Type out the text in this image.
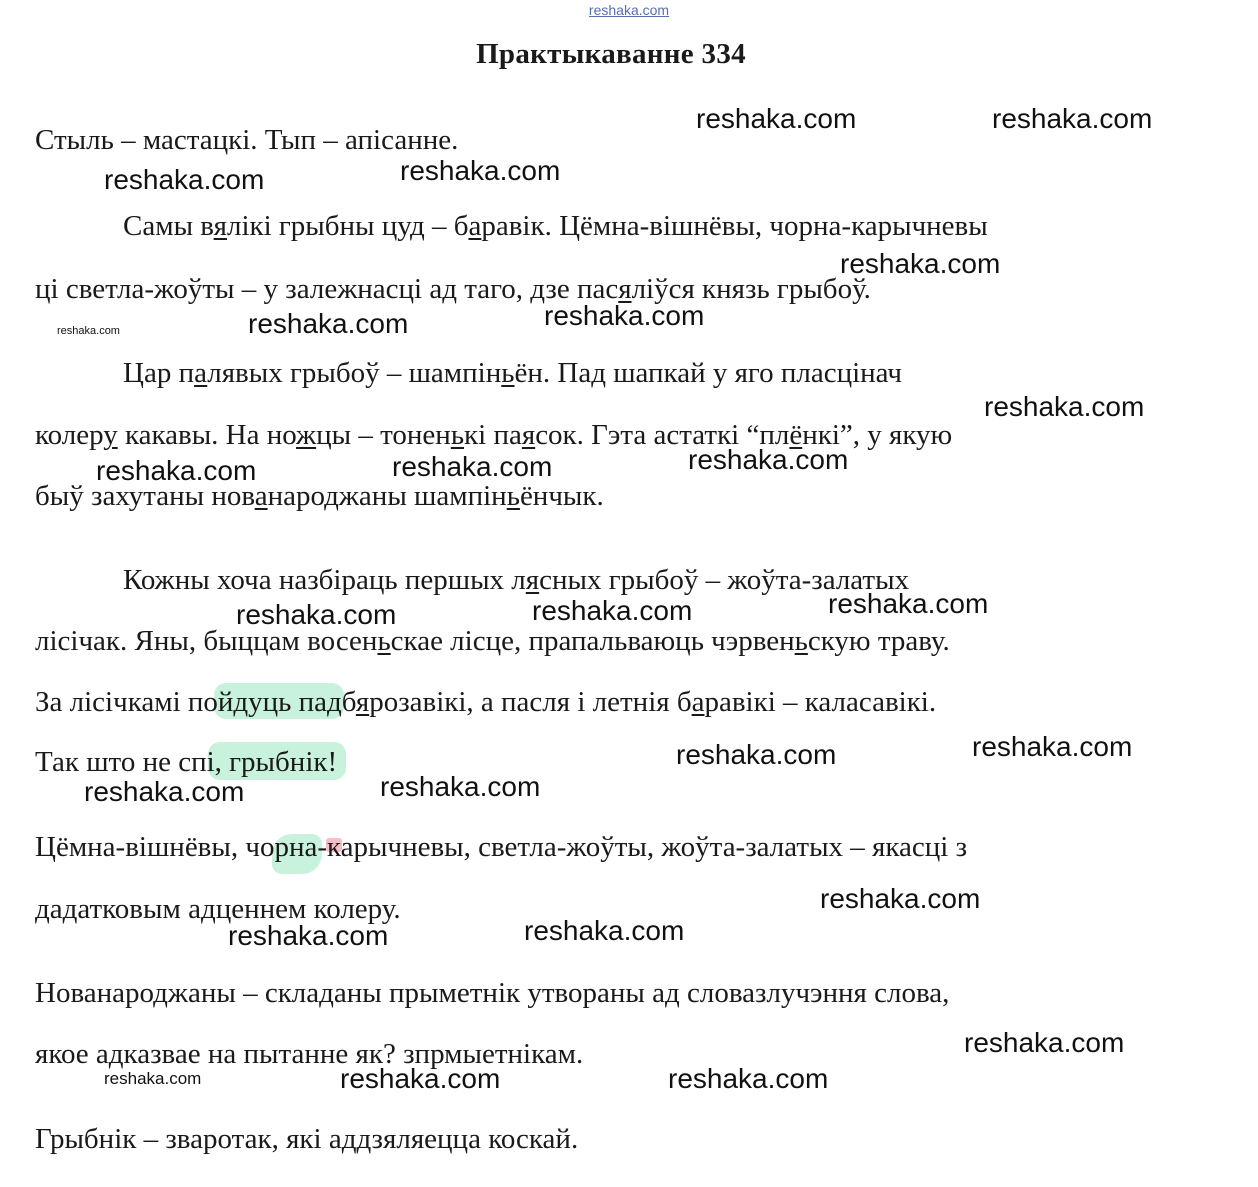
reshaka.com
Практыкаванне 334
Стыль – мастацкі. Тып – апісанне.
Самы вялікі грыбны цуд – баравік. Цёмна-вішнёвы, чорна-карычневы
ці светла-жоўты – у залежнасці ад таго, дзе пасяліўся князь грыбоў.
Цар палявых грыбоў – шампіньён. Пад шапкай у яго пласцінач
колеру какавы. На ножцы – тоненькі паясок. Гэта астаткі “плёнкі”, у якую
быў захутаны нованароджаны шампіньёнчык.
Кожны хоча назбіраць першых лясных грыбоў – жоўта-залатых
лісічак. Яны, быццам восеньскае лісце, прапальваюць чэрвеньскую траву.
За лісічкамі пойдуць падбярозавікі, а пасля і летнія баравікі – каласавікі.
Так што не спі, грыбнік!
Цёмна-вішнёвы, чорна-карычневы, светла-жоўты, жоўта-залатых – якасці з
дадатковым адценнем колеру.
Нованароджаны – складаны прыметнік утвораны ад словазлучэння слова,
якое адказвае на пытанне як? зпрмыетнікам.
Грыбнік – зваротак, які аддзяляецца коскай.
reshaka.com	reshaka.com
reshaka.com	reshaka.com
reshaka.com
reshaka.com	reshaka.com	reshaka.com
reshaka.com
reshaka.com	reshaka.com	reshaka.com
reshaka.com	reshaka.com	reshaka.com
reshaka.com	reshaka.com
reshaka.com	reshaka.com
reshaka.com
reshaka.com	reshaka.com
reshaka.com
reshaka.com	reshaka.com	reshaka.com
